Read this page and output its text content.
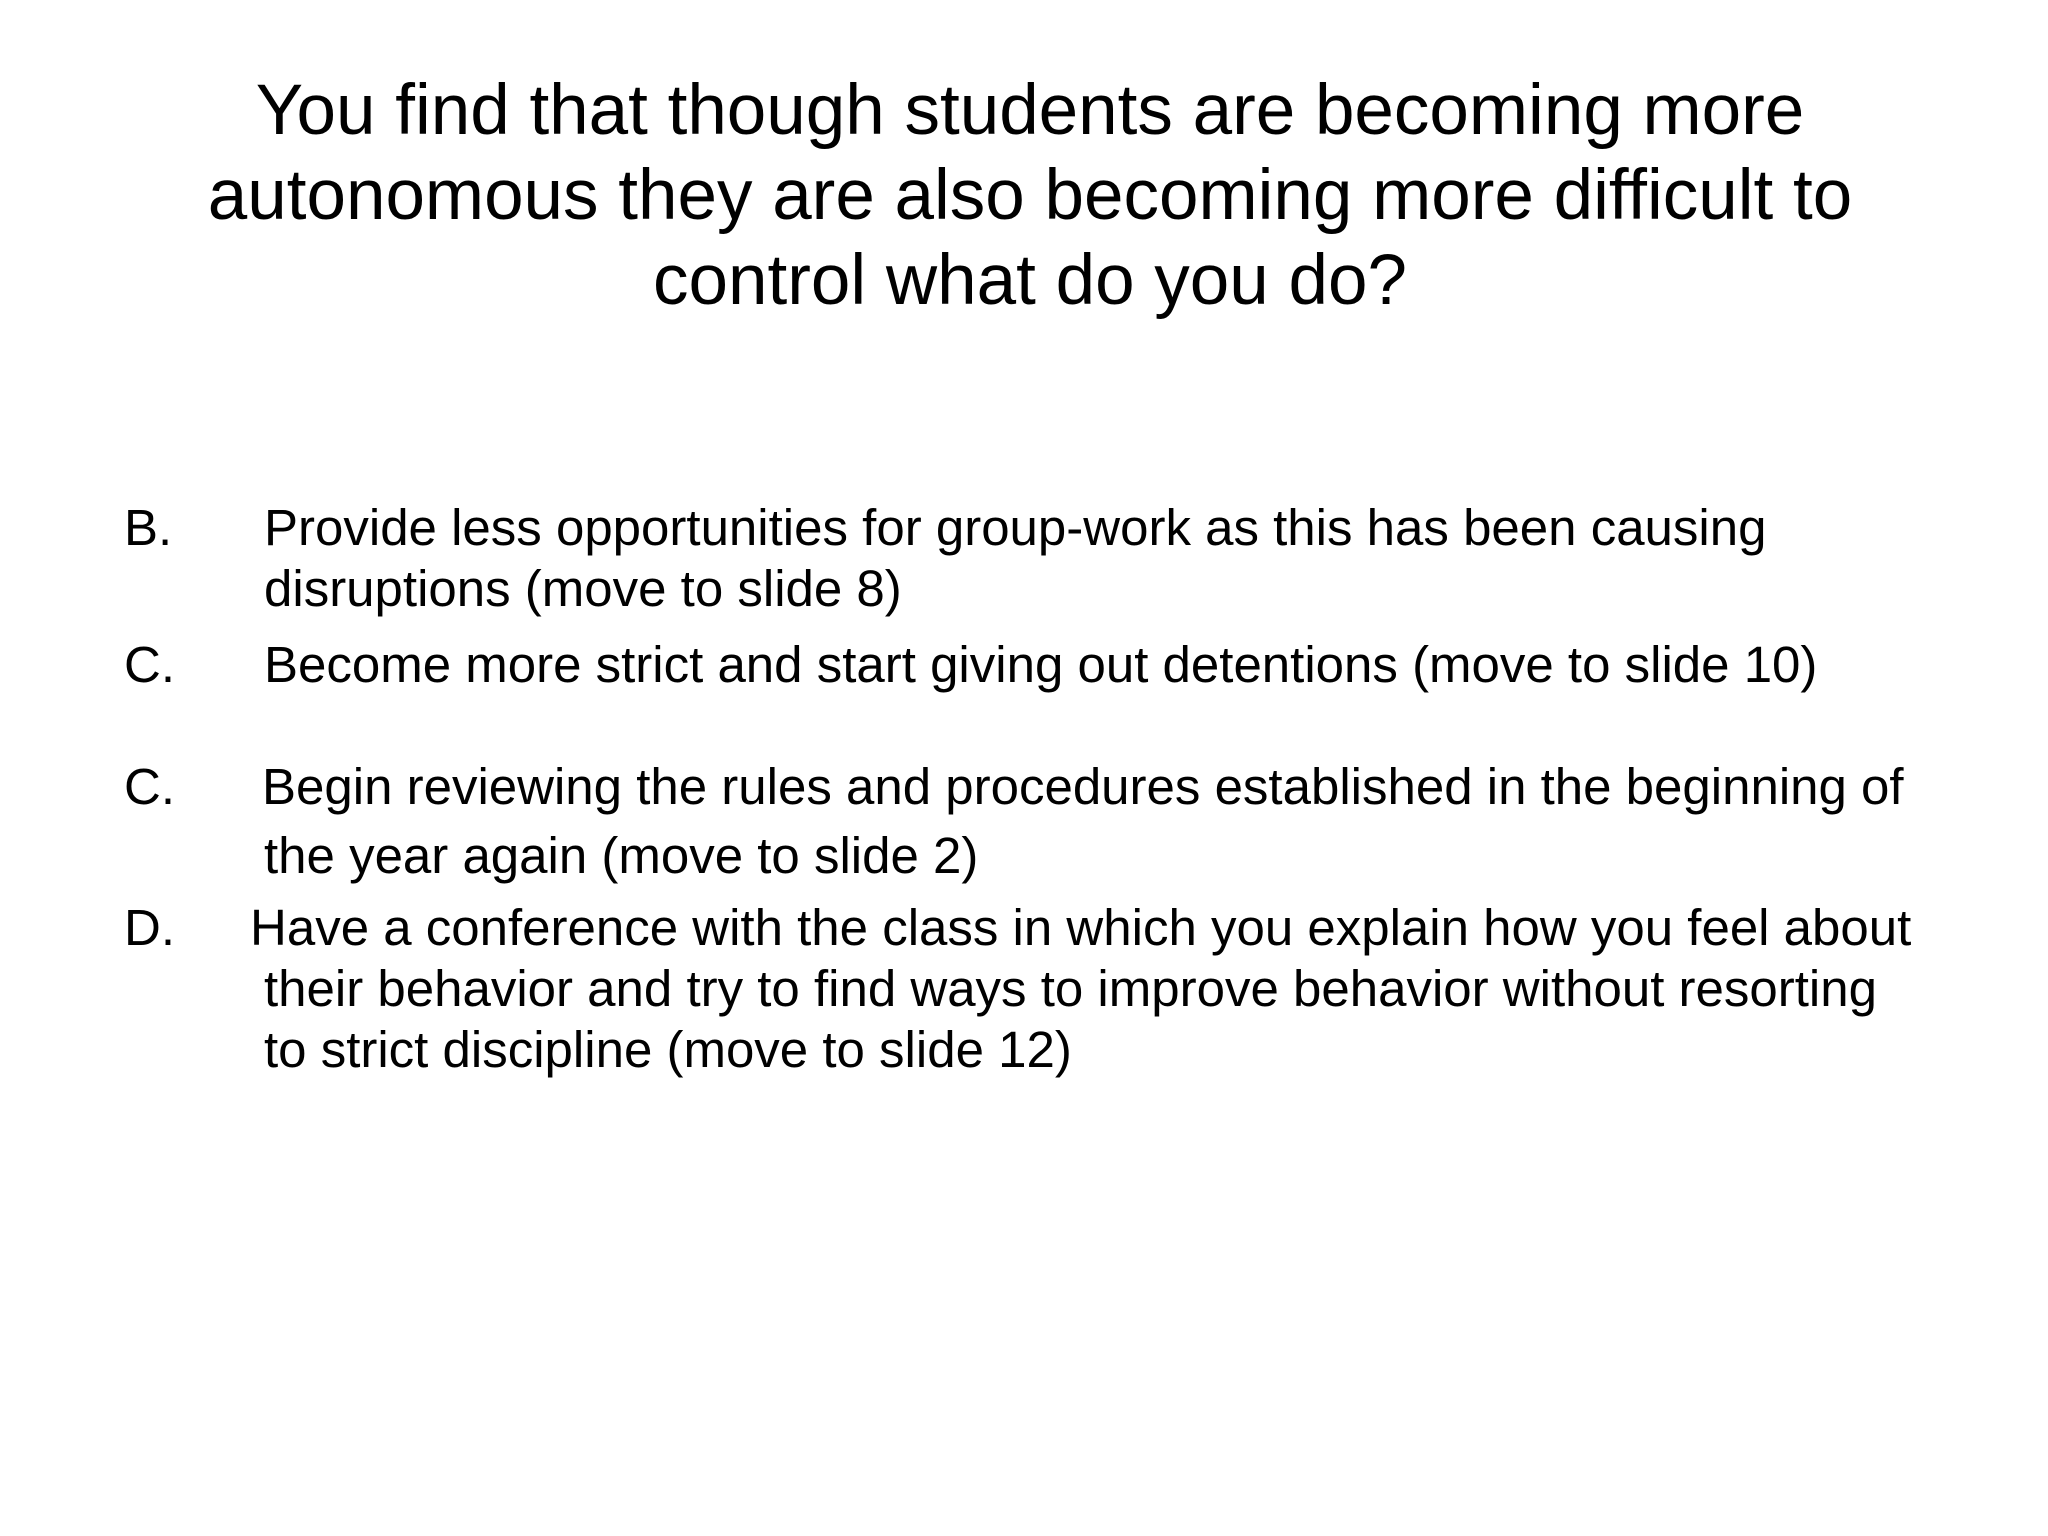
You find that though students are becoming more
autonomous they are also becoming more difficult to
control what do you do?
B. Provide less opportunities for group-work as this has been causing
disruptions (move to slide 8)
C. Become more strict and start giving out detentions (move to slide 10)
C. Begin reviewing the rules and procedures established in the beginning of
the year again (move to slide 2)
D. Have a conference with the class in which you explain how you feel about
their behavior and try to find ways to improve behavior without resorting
to strict discipline (move to slide 12)
